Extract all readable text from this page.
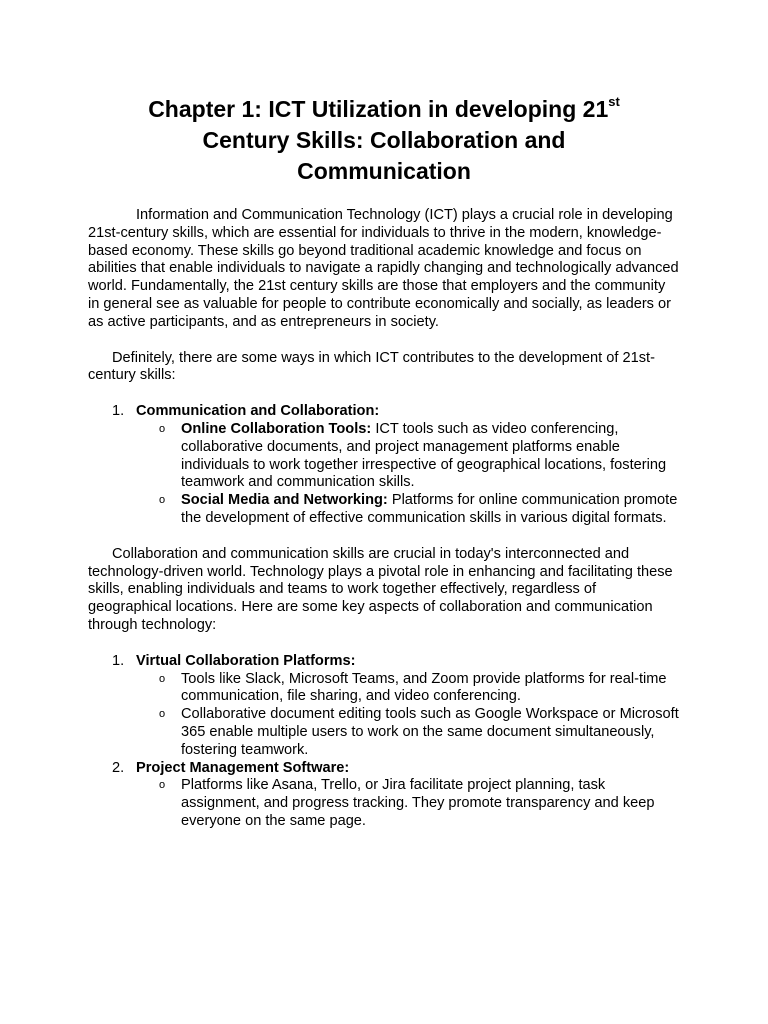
Chapter 1: ICT Utilization in developing 21st Century Skills: Collaboration and Communication

Information and Communication Technology (ICT) plays a crucial role in developing 21st-century skills, which are essential for individuals to thrive in the modern, knowledge-based economy. These skills go beyond traditional academic knowledge and focus on abilities that enable individuals to navigate a rapidly changing and technologically advanced world. Fundamentally, the 21st century skills are those that employers and the community in general see as valuable for people to contribute economically and socially, as leaders or as active participants, and as entrepreneurs in society.

Definitely, there are some ways in which ICT contributes to the development of 21st-century skills:

1. Communication and Collaboration:
o Online Collaboration Tools: ICT tools such as video conferencing, collaborative documents, and project management platforms enable individuals to work together irrespective of geographical locations, fostering teamwork and communication skills.
o Social Media and Networking: Platforms for online communication promote the development of effective communication skills in various digital formats.

Collaboration and communication skills are crucial in today's interconnected and technology-driven world. Technology plays a pivotal role in enhancing and facilitating these skills, enabling individuals and teams to work together effectively, regardless of geographical locations. Here are some key aspects of collaboration and communication through technology:

1. Virtual Collaboration Platforms:
o Tools like Slack, Microsoft Teams, and Zoom provide platforms for real-time communication, file sharing, and video conferencing.
o Collaborative document editing tools such as Google Workspace or Microsoft 365 enable multiple users to work on the same document simultaneously, fostering teamwork.
2. Project Management Software:
o Platforms like Asana, Trello, or Jira facilitate project planning, task assignment, and progress tracking. They promote transparency and keep everyone on the same page.
